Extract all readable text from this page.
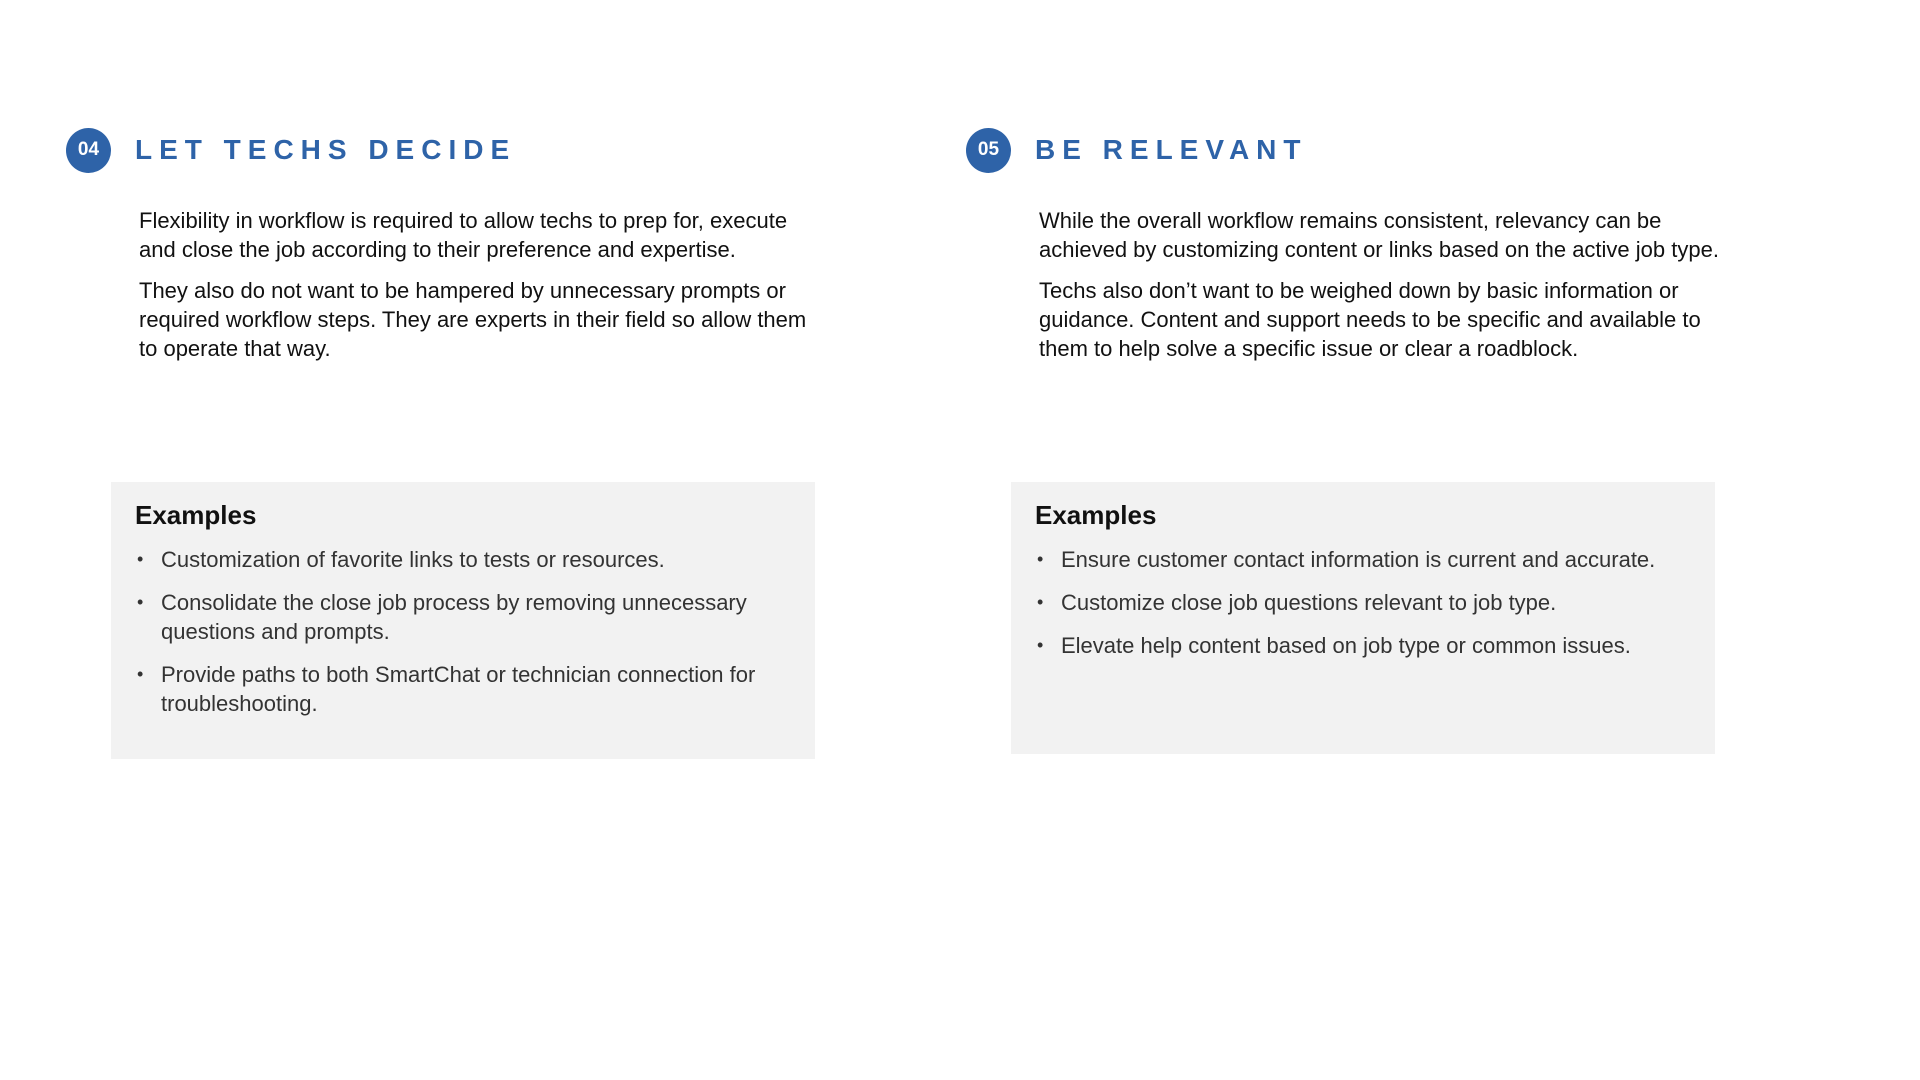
04	LET TECHS DECIDE

Flexibility in workflow is required to allow techs to prep for, execute and close the job according to their preference and expertise.

They also do not want to be hampered by unnecessary prompts or required workflow steps. They are experts in their field so allow them to operate that way.

Examples
• Customization of favorite links to tests or resources.
• Consolidate the close job process by removing unnecessary questions and prompts.
• Provide paths to both SmartChat or technician connection for troubleshooting.
05	BE RELEVANT

While the overall workflow remains consistent, relevancy can be achieved by customizing content or links based on the active job type.

Techs also don’t want to be weighed down by basic information or guidance. Content and support needs to be specific and available to them to help solve a specific issue or clear a roadblock.

Examples
• Ensure customer contact information is current and accurate.
• Customize close job questions relevant to job type.
• Elevate help content based on job type or common issues.
